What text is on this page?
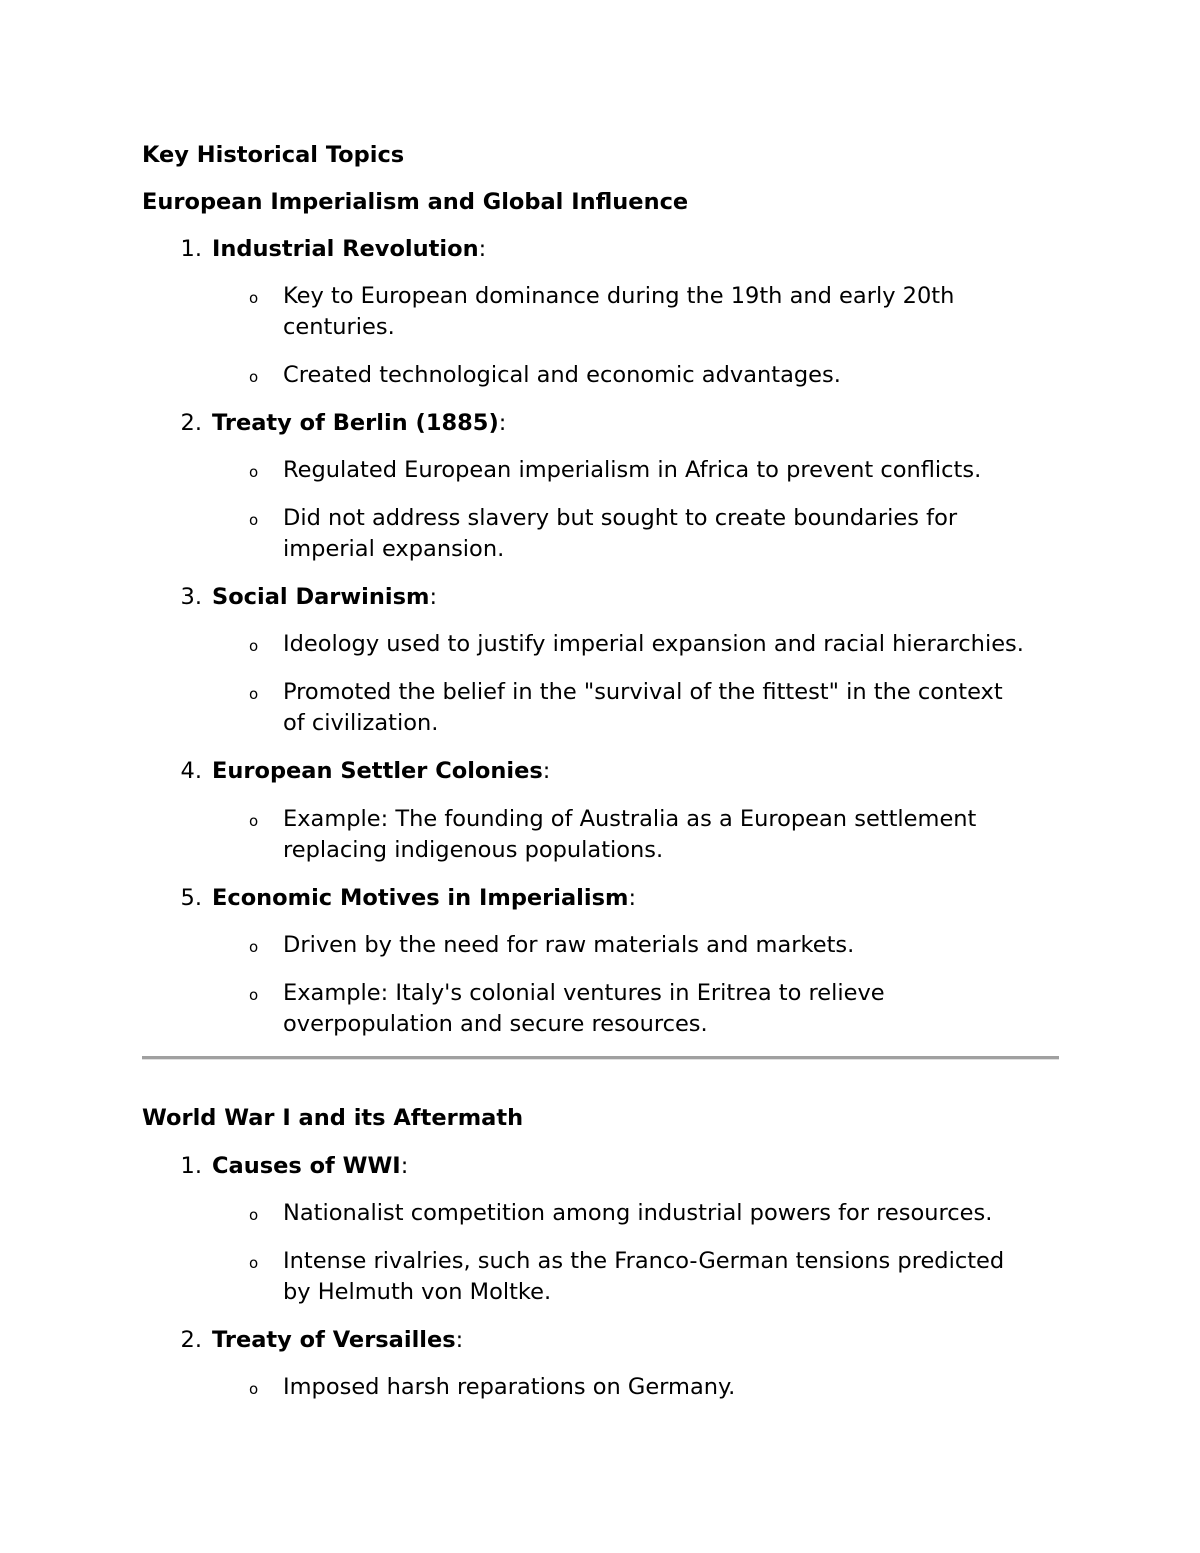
Key Historical Topics
European Imperialism and Global Influence
1. Industrial Revolution:
o Key to European dominance during the 19th and early 20th
centuries.
o Created technological and economic advantages.
2. Treaty of Berlin (1885):
o Regulated European imperialism in Africa to prevent conflicts.
o Did not address slavery but sought to create boundaries for
imperial expansion.
3. Social Darwinism:
o Ideology used to justify imperial expansion and racial hierarchies.
o Promoted the belief in the "survival of the fittest" in the context
of civilization.
4. European Settler Colonies:
o Example: The founding of Australia as a European settlement
replacing indigenous populations.
5. Economic Motives in Imperialism:
o Driven by the need for raw materials and markets.
o Example: Italy's colonial ventures in Eritrea to relieve
overpopulation and secure resources.
World War I and its Aftermath
1. Causes of WWI:
o Nationalist competition among industrial powers for resources.
o Intense rivalries, such as the Franco-German tensions predicted
by Helmuth von Moltke.
2. Treaty of Versailles:
o Imposed harsh reparations on Germany.
